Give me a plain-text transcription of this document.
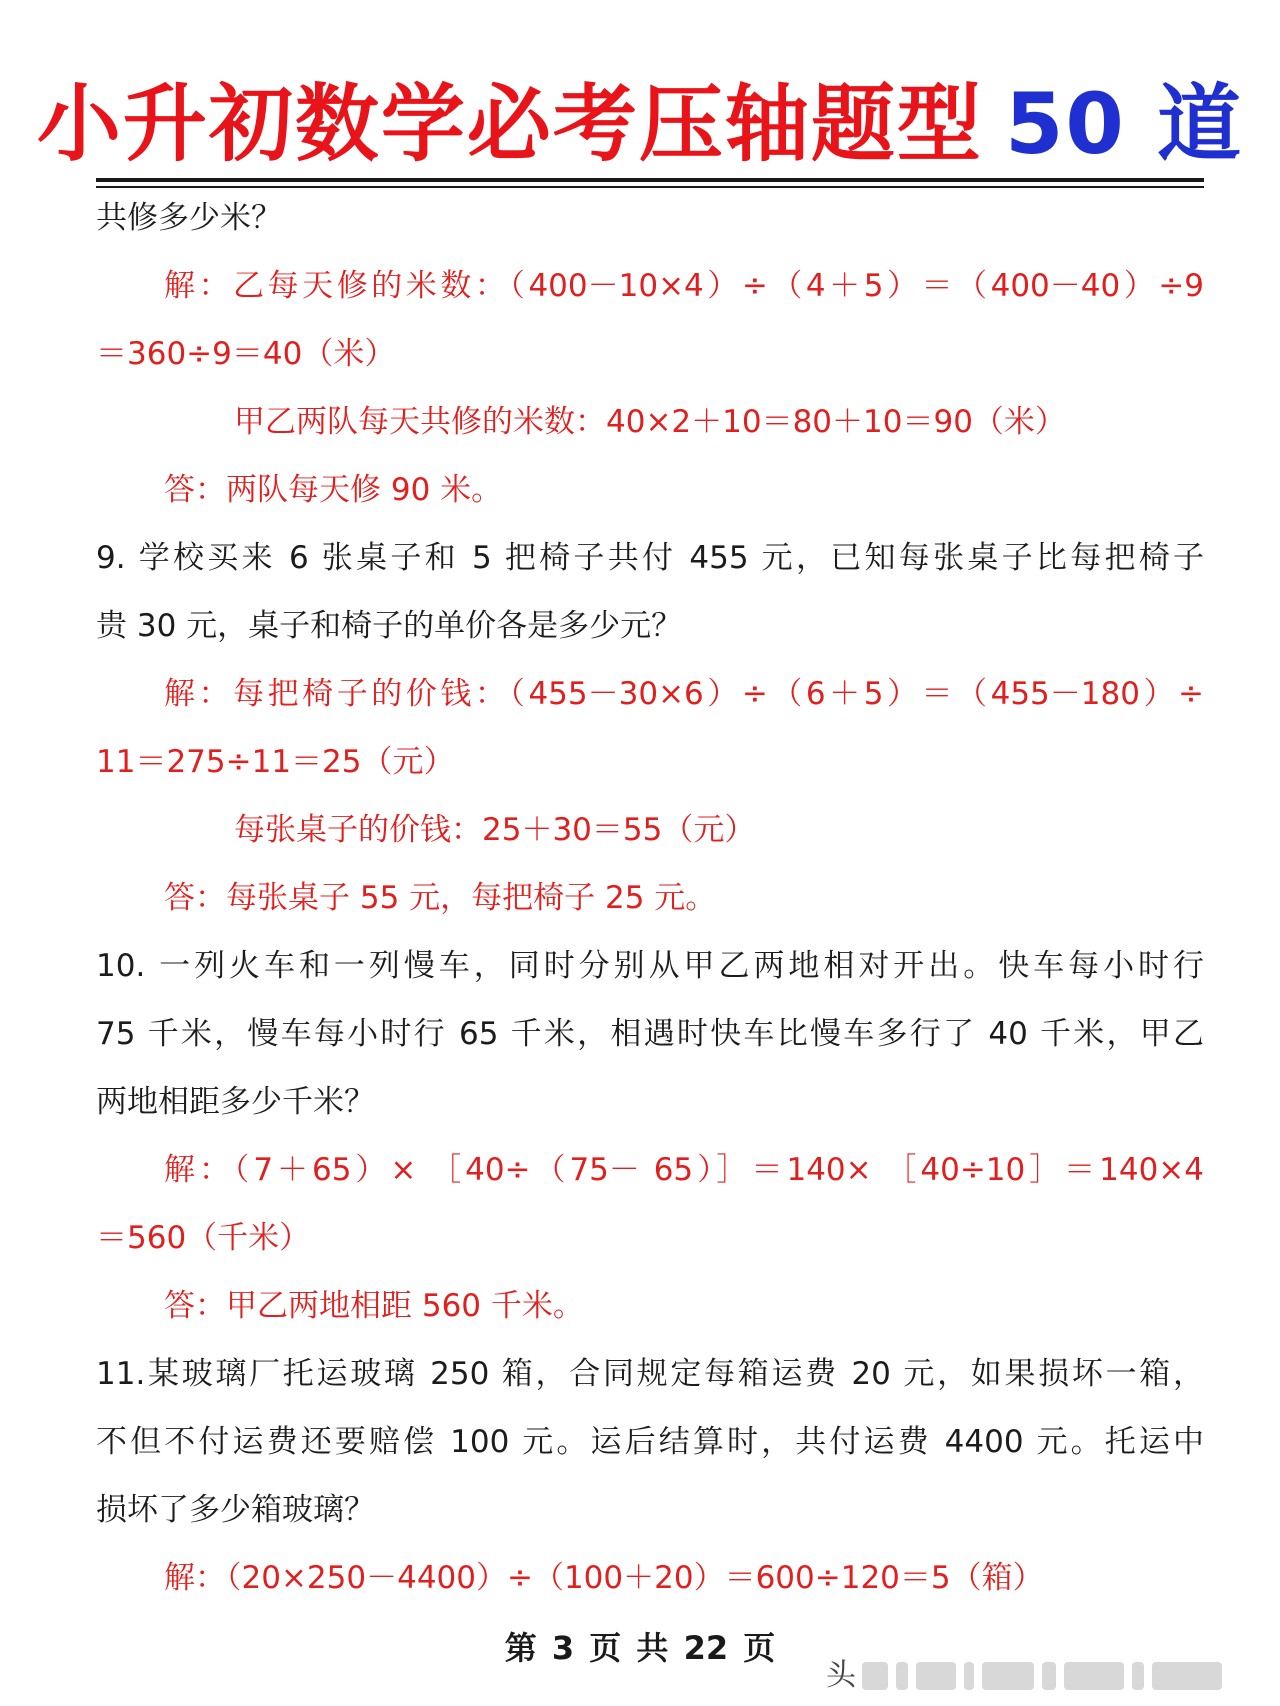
小升初数学必考压轴题型 50 道
共修多少米？
解：乙每天修的米数：（400－10×4）÷（4＋5）＝（400－40）÷9
＝360÷9＝40（米）
甲乙两队每天共修的米数：40×2＋10＝80＋10＝90（米）
答：两队每天修 90 米。
9. 学校买来 6 张桌子和 5 把椅子共付 455 元，已知每张桌子比每把椅子
贵 30 元，桌子和椅子的单价各是多少元？
解：每把椅子的价钱：（455－30×6）÷（6＋5）＝（455－180）÷
11＝275÷11＝25（元）
每张桌子的价钱：25＋30＝55（元）
答：每张桌子 55 元，每把椅子 25 元。
10. 一列火车和一列慢车，同时分别从甲乙两地相对开出。快车每小时行
75 千米，慢车每小时行 65 千米，相遇时快车比慢车多行了 40 千米，甲乙
两地相距多少千米？
解：（7＋65）× ［40÷（75－ 65）］＝140× ［40÷10］＝140×4
＝560（千米）
答：甲乙两地相距 560 千米。
11.某玻璃厂托运玻璃 250 箱，合同规定每箱运费 20 元，如果损坏一箱，
不但不付运费还要赔偿 100 元。运后结算时，共付运费 4400 元。托运中
损坏了多少箱玻璃？
解：（20×250－4400）÷（100＋20）＝600÷120＝5（箱）
第 3 页 共 22 页
头
